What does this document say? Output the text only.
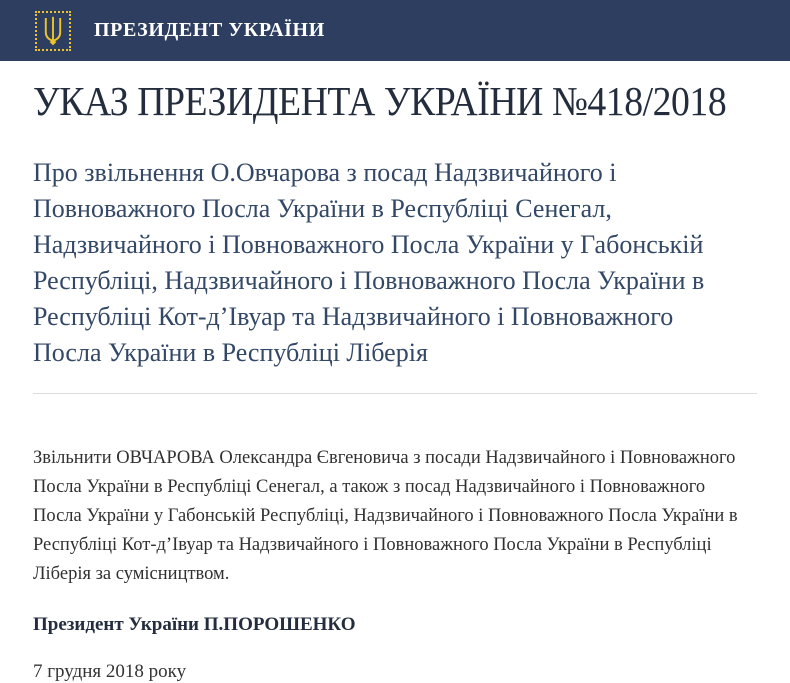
ПРЕЗИДЕНТ УКРАЇНИ
УКАЗ ПРЕЗИДЕНТА УКРАЇНИ №418/2018
Про звільнення О.Овчарова з посад Надзвичайного і Повноважного Посла України в Республіці Сенегал, Надзвичайного і Повноважного Посла України у Габонській Республіці, Надзвичайного і Повноважного Посла України в Республіці Кот-д’Івуар та Надзвичайного і Повноважного Посла України в Республіці Ліберія

Звільнити ОВЧАРОВА Олександра Євгеновича з посади Надзвичайного і Повноважного Посла України в Республіці Сенегал, а також з посад Надзвичайного і Повноважного Посла України у Габонській Республіці, Надзвичайного і Повноважного Посла України в Республіці Кот-д’Івуар та Надзвичайного і Повноважного Посла України в Республіці Ліберія за сумісництвом.

Президент України П.ПОРОШЕНКО

7 грудня 2018 року
